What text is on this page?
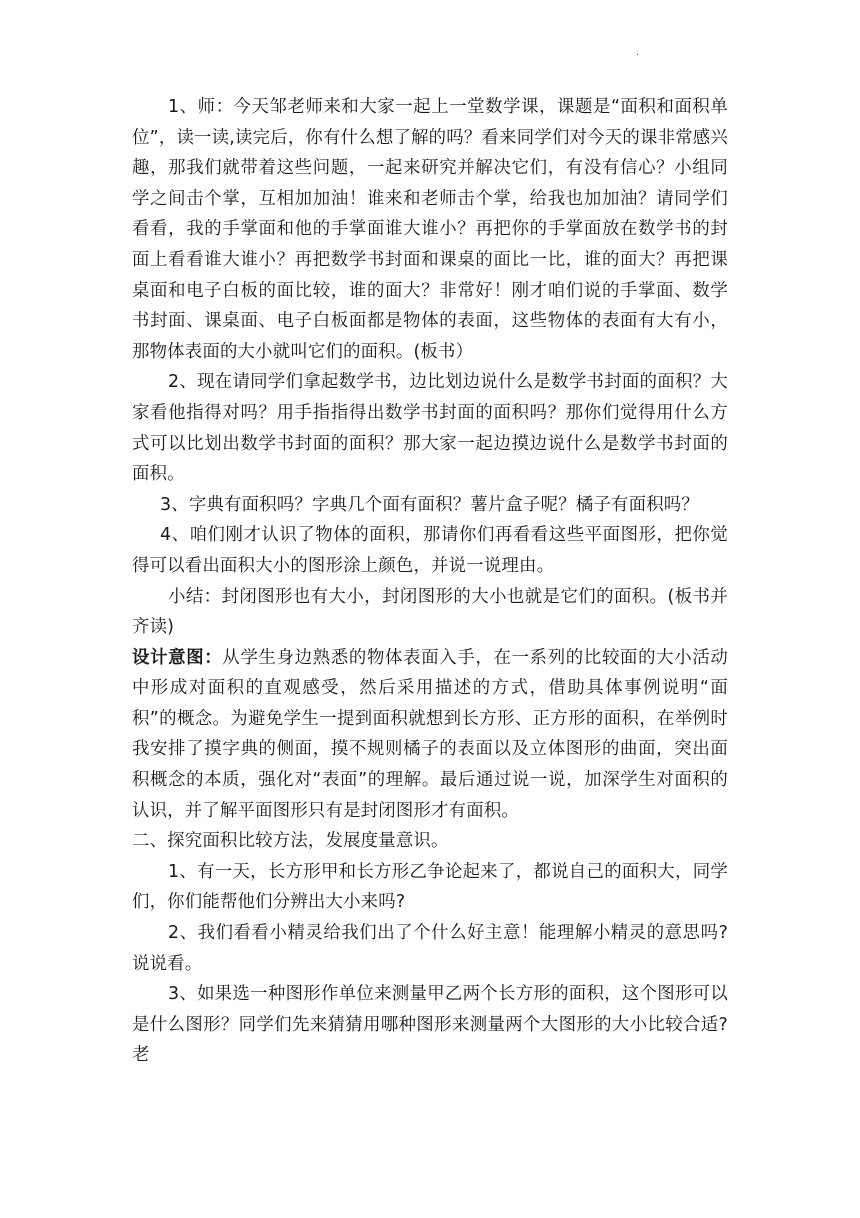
·

1、师：今天邹老师来和大家一起上一堂数学课，课题是“面积和面积单位”，读一读,读完后，你有什么想了解的吗？看来同学们对今天的课非常感兴趣，那我们就带着这些问题，一起来研究并解决它们，有没有信心？小组同学之间击个掌，互相加加油！谁来和老师击个掌，给我也加加油？请同学们看看，我的手掌面和他的手掌面谁大谁小？再把你的手掌面放在数学书的封面上看看谁大谁小？再把数学书封面和课桌的面比一比，谁的面大？再把课桌面和电子白板的面比较，谁的面大？非常好！刚才咱们说的手掌面、数学书封面、课桌面、电子白板面都是物体的表面，这些物体的表面有大有小，那物体表面的大小就叫它们的面积。(板书）

2、现在请同学们拿起数学书，边比划边说什么是数学书封面的面积？大家看他指得对吗？用手指指得出数学书封面的面积吗？那你们觉得用什么方式可以比划出数学书封面的面积？那大家一起边摸边说什么是数学书封面的面积。

3、字典有面积吗？字典几个面有面积？薯片盒子呢？橘子有面积吗？

4、咱们刚才认识了物体的面积，那请你们再看看这些平面图形，把你觉得可以看出面积大小的图形涂上颜色，并说一说理由。

小结：封闭图形也有大小，封闭图形的大小也就是它们的面积。(板书并齐读)

设计意图：从学生身边熟悉的物体表面入手，在一系列的比较面的大小活动中形成对面积的直观感受，然后采用描述的方式，借助具体事例说明“面积”的概念。为避免学生一提到面积就想到长方形、正方形的面积，在举例时我安排了摸字典的侧面，摸不规则橘子的表面以及立体图形的曲面，突出面积概念的本质，强化对“表面”的理解。最后通过说一说，加深学生对面积的认识，并了解平面图形只有是封闭图形才有面积。

二、探究面积比较方法，发展度量意识。

1、有一天，长方形甲和长方形乙争论起来了，都说自己的面积大，同学们，你们能帮他们分辨出大小来吗?

2、我们看看小精灵给我们出了个什么好主意！能理解小精灵的意思吗?说说看。

3、如果选一种图形作单位来测量甲乙两个长方形的面积，这个图形可以是什么图形？同学们先来猜猜用哪种图形来测量两个大图形的大小比较合适?老
